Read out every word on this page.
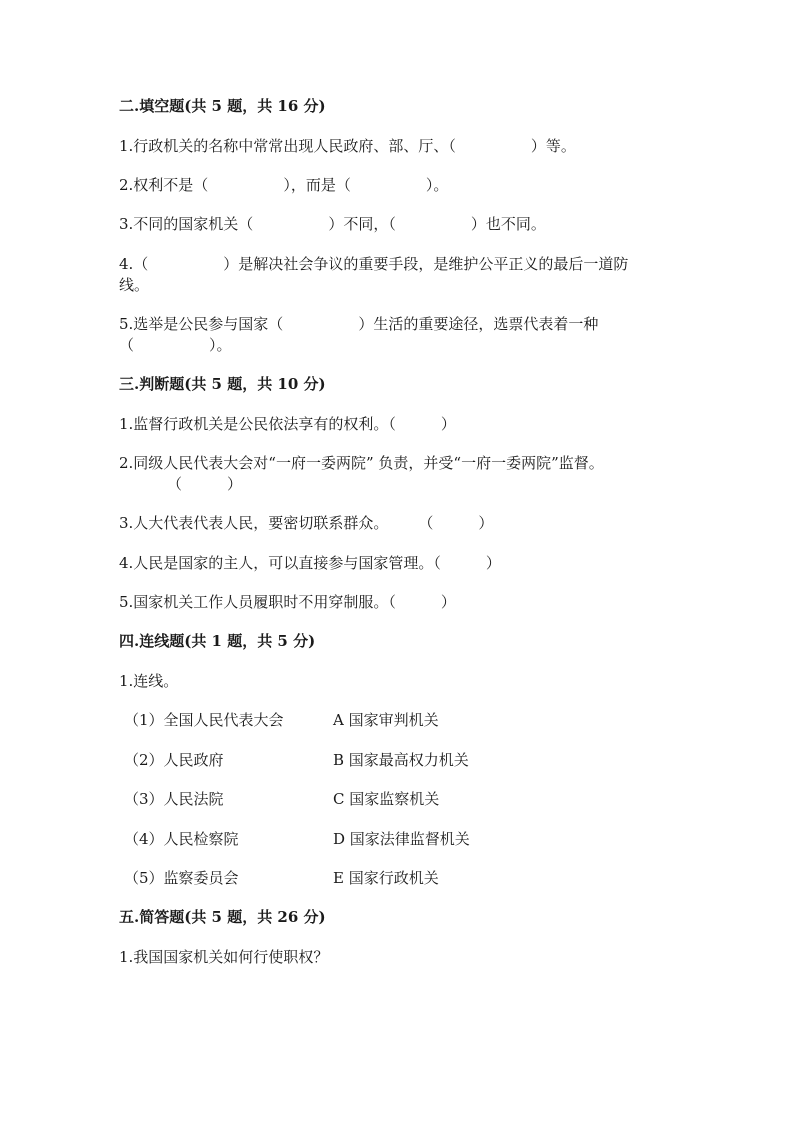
二.填空题(共 5 题，共 16 分)
1.行政机关的名称中常常出现人民政府、部、厅、（　　　　　）等。
2.权利不是（　　　　　），而是（　　　　　）。
3.不同的国家机关（　　　　　）不同，（　　　　　）也不同。
4.（　　　　　）是解决社会争议的重要手段，是维护公平正义的最后一道防
线。
5.选举是公民参与国家（　　　　　）生活的重要途径，选票代表着一种
（　　　　　）。
三.判断题(共 5 题，共 10 分)
1.监督行政机关是公民依法享有的权利。（　　　）
2.同级人民代表大会对“一府一委两院” 负责，并受“一府一委两院”监督。
（　　　）
3.人大代表代表人民，要密切联系群众。　　　（　　　）
4.人民是国家的主人，可以直接参与国家管理。（　　　）
5.国家机关工作人员履职时不用穿制服。（　　　）
四.连线题(共 1 题，共 5 分)
1.连线。
（1）全国人民代表大会	A 国家审判机关
（2）人民政府	B 国家最高权力机关
（3）人民法院	C 国家监察机关
（4）人民检察院	D 国家法律监督机关
（5）监察委员会	E 国家行政机关
五.简答题(共 5 题，共 26 分)
1.我国国家机关如何行使职权？
